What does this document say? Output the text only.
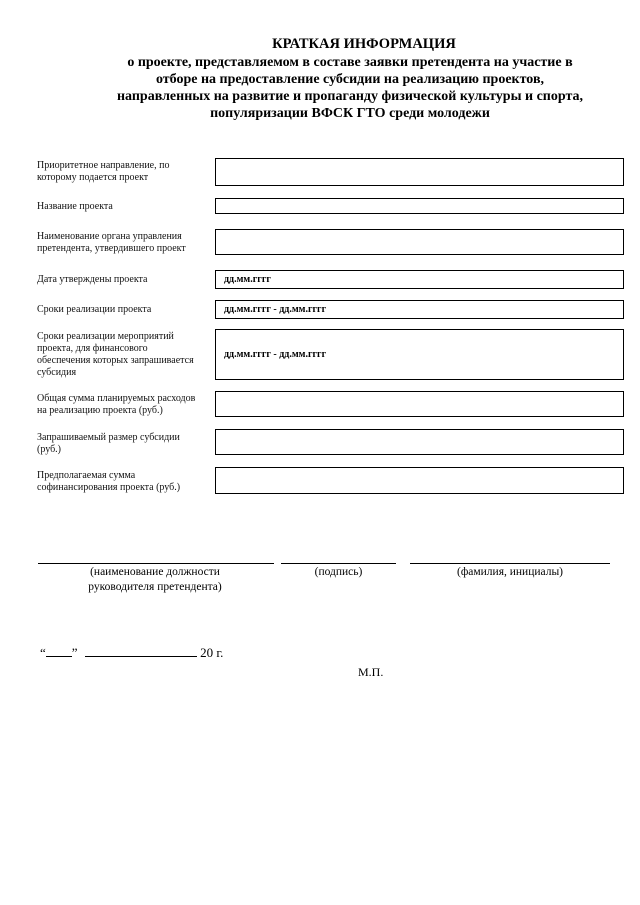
КРАТКАЯ ИНФОРМАЦИЯ
о проекте, представляемом в составе заявки претендента на участие в
отборе на предоставление субсидии на реализацию проектов,
направленных на развитие и пропаганду физической культуры и спорта,
популяризации ВФСК ГТО среди молодежи
Приоритетное направление, по
которому подается проект
Название проекта
Наименование органа управления
претендента, утвердившего проект
Дата утверждены проекта	дд.мм.гггг
Сроки реализации проекта	дд.мм.гггг - дд.мм.гггг
Сроки реализации мероприятий
проекта, для финансового
обеспечения которых запрашивается
субсидия
дд.мм.гггг - дд.мм.гггг
Общая сумма планируемых расходов
на реализацию проекта (руб.)
Запрашиваемый размер субсидии
(руб.)
Предполагаемая сумма
софинансирования проекта (руб.)
(наименование должности
руководителя претендента)
(подпись)	(фамилия, инициалы)
“ ”	20 г.
М.П.
